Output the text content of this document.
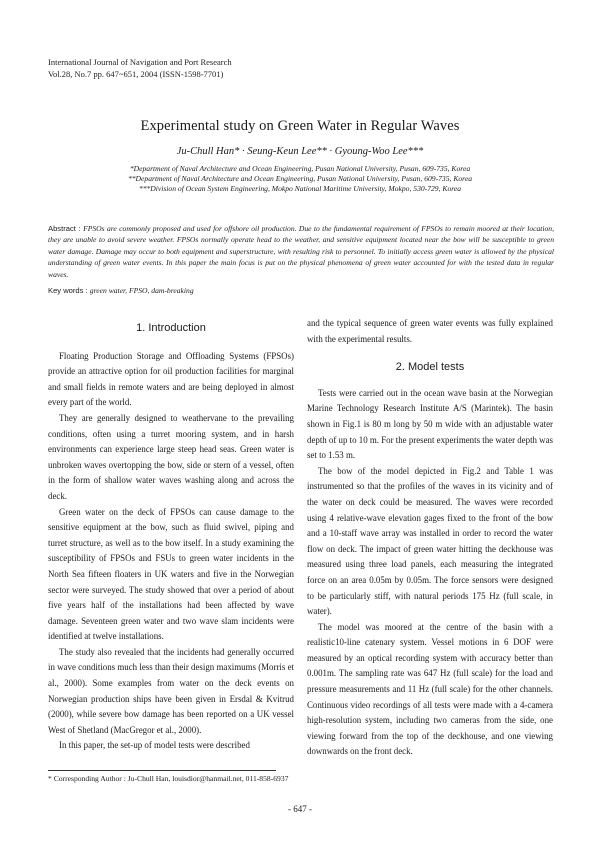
International Journal of Navigation and Port Research
Vol.28, No.7 pp. 647~651, 2004 (ISSN-1598-7701)
Experimental study on Green Water in Regular Waves
Ju-Chull Han* · Seung-Keun Lee** · Gyoung-Woo Lee***
*Department of Naval Architecture and Ocean Engineering, Pusan National University, Pusan, 609-735, Korea
**Department of Naval Architecture and Ocean Engineering, Pusan National University, Pusan, 609-735, Korea
***Division of Ocean System Engineering, Mokpo National Maritime University, Mokpo, 530-729, Korea
Abstract : FPSOs are commonly proposed and used for offshore oil production. Due to the fundamental requirement of FPSOs to remain moored at their location, they are unable to avoid severe weather. FPSOs normally operate head to the weather, and sensitive equipment located near the bow will be susceptible to green water damage. Damage may occur to both equipment and superstructure, with resulting risk to personnel. To initially access green water is allowed by the physical understanding of green water events. In this paper the main focus is put on the physical phenomena of green water accounted for with the tested data in regular waves.
Key words : green water, FPSO, dam-breaking
1. Introduction

Floating Production Storage and Offloading Systems (FPSOs) provide an attractive option for oil production facilities for marginal and small fields in remote waters and are being deployed in almost every part of the world.

They are generally designed to weathervane to the prevailing conditions, often using a turret mooring system, and in harsh environments can experience large steep head seas. Green water is unbroken waves overtopping the bow, side or stern of a vessel, often in the form of shallow water waves washing along and across the deck.

Green water on the deck of FPSOs can cause damage to the sensitive equipment at the bow, such as fluid swivel, piping and turret structure, as well as to the bow itself. In a study examining the susceptibility of FPSOs and FSUs to green water incidents in the North Sea fifteen floaters in UK waters and five in the Norwegian sector were surveyed. The study showed that over a period of about five years half of the installations had been affected by wave damage. Seventeen green water and two wave slam incidents were identified at twelve installations.

The study also revealed that the incidents had generally occurred in wave conditions much less than their design maximums (Morris et al., 2000). Some examples from water on the deck events on Norwegian production ships have been given in Ersdal & Kvitrud (2000), while severe bow damage has been reported on a UK vessel West of Shetland (MacGregor et al., 2000).

In this paper, the set-up of model tests were described

and the typical sequence of green water events was fully explained with the experimental results.

2. Model tests

Tests were carried out in the ocean wave basin at the Norwegian Marine Technology Research Institute A/S (Marintek). The basin shown in Fig.1 is 80 m long by 50 m wide with an adjustable water depth of up to 10 m. For the present experiments the water depth was set to 1.53 m.

The bow of the model depicted in Fig.2 and Table 1 was instrumented so that the profiles of the waves in its vicinity and of the water on deck could be measured. The waves were recorded using 4 relative-wave elevation gages fixed to the front of the bow and a 10-staff wave array was installed in order to record the water flow on deck. The impact of green water hitting the deckhouse was measured using three load panels, each measuring the integrated force on an area 0.05m by 0.05m. The force sensors were designed to be particularly stiff, with natural periods 175 Hz (full scale, in water).

The model was moored at the centre of the basin with a realistic10-line catenary system. Vessel motions in 6 DOF were measured by an optical recording system with accuracy better than 0.001m. The sampling rate was 647 Hz (full scale) for the load and pressure measurements and 11 Hz (full scale) for the other channels. Continuous video recordings of all tests were made with a 4-camera high-resolution system, including two cameras from the side, one viewing forward from the top of the deckhouse, and one viewing downwards on the front deck.

* Corresponding Author : Ju-Chull Han, louisdior@hanmail.net, 011-858-6937
- 647 -
